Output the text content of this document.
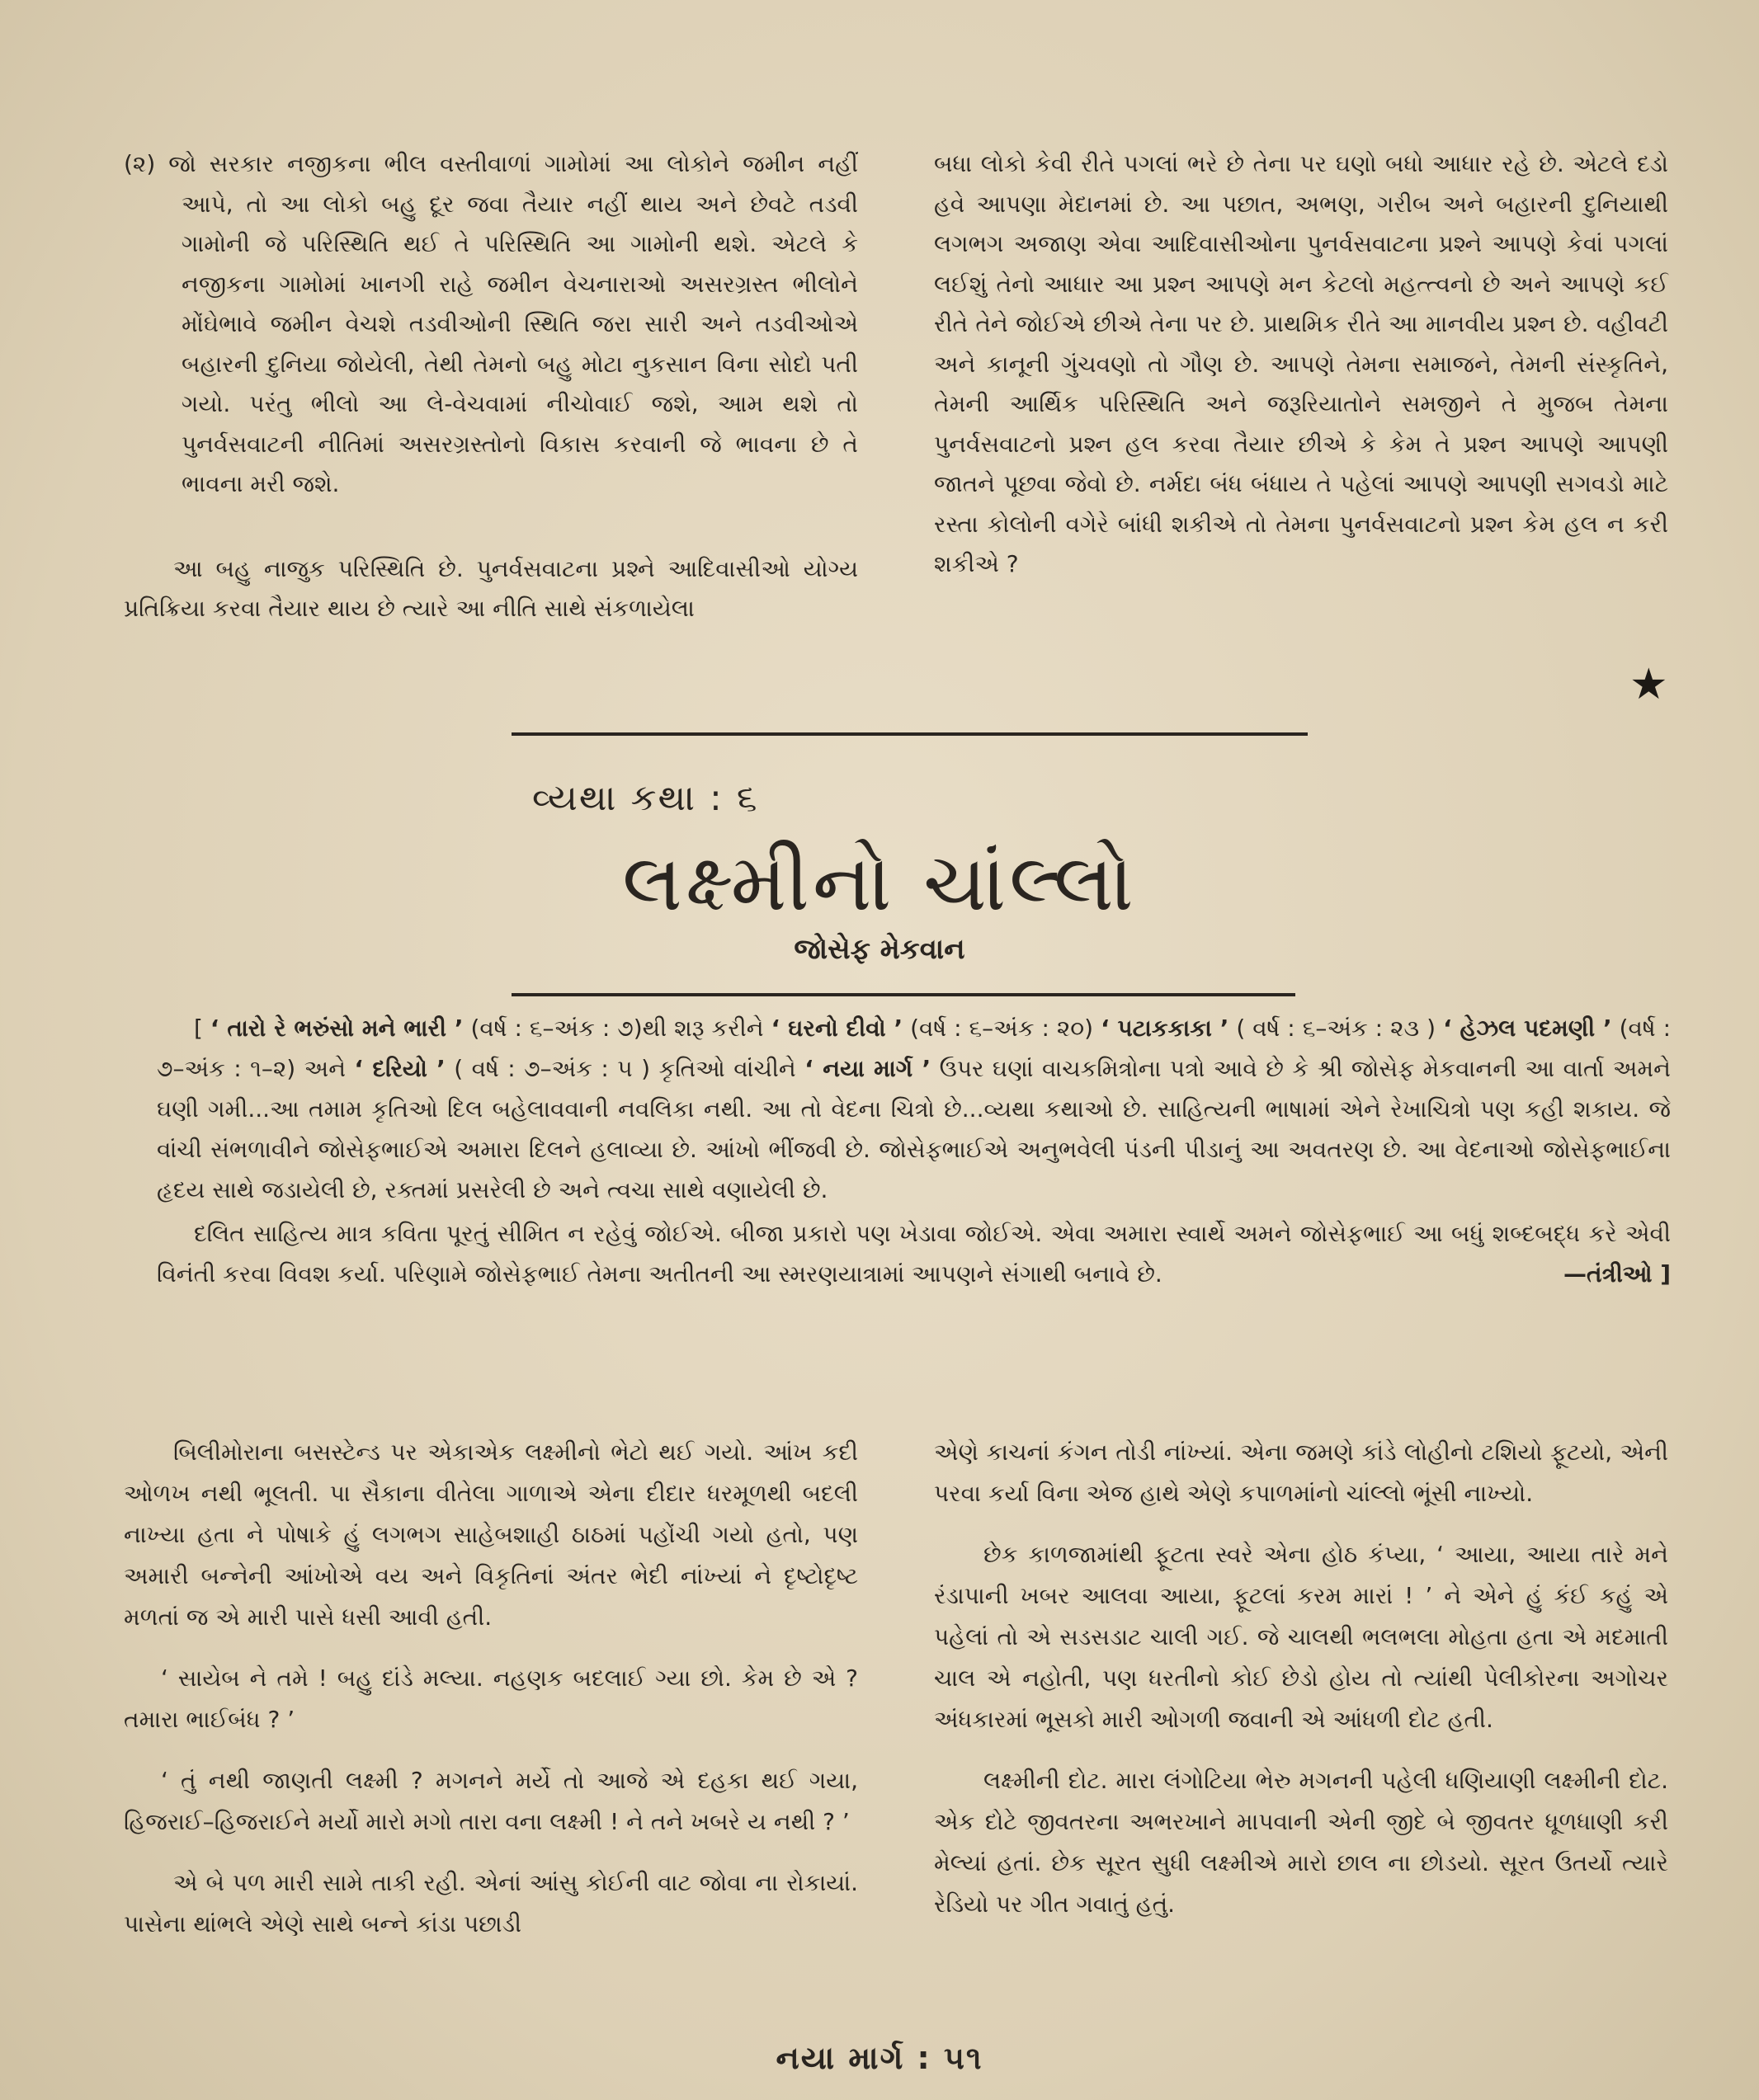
(૨) જો સરકાર નજીકના ભીલ વસ્તીવાળાં ગામોમાં આ લોકોને જમીન નહીં આપે, તો આ લોકો બહુ દૂર જવા તૈયાર નહીં થાય અને છેવટે તડવી ગામોની જે પરિસ્થિતિ થઈ તે પરિસ્થિતિ આ ગામોની થશે. એટલે કે નજીકના ગામોમાં ખાનગી રાહે જમીન વેચનારાઓ અસરગ્રસ્ત ભીલોને મોંઘેભાવે જમીન વેચશે તડવીઓની સ્થિતિ જરા સારી અને તડવીઓએ બહારની દુનિયા જોયેલી, તેથી તેમનો બહુ મોટા નુકસાન વિના સોદો પતી ગયો. પરંતુ ભીલો આ લે-વેચવામાં નીચોવાઈ જશે, આમ થશે તો પુનર્વસવાટની નીતિમાં અસરગ્રસ્તોનો વિકાસ કરવાની જે ભાવના છે તે ભાવના મરી જશે.

આ બહુ નાજુક પરિસ્થિતિ છે. પુનર્વસવાટના પ્રશ્ને આદિવાસીઓ યોગ્ય પ્રતિક્રિયા કરવા તૈયાર થાય છે ત્યારે આ નીતિ સાથે સંકળાયેલા

બધા લોકો કેવી રીતે પગલાં ભરે છે તેના પર ઘણો બધો આધાર રહે છે. એટલે દડો હવે આપણા મેદાનમાં છે. આ પછાત, અભણ, ગરીબ અને બહારની દુનિયાથી લગભગ અજાણ એવા આદિવાસીઓના પુનર્વસવાટના પ્રશ્ને આપણે કેવાં પગલાં લઈશું તેનો આધાર આ પ્રશ્ન આપણે મન કેટલો મહત્ત્વનો છે અને આપણે કઈ રીતે તેને જોઈએ છીએ તેના પર છે. પ્રાથમિક રીતે આ માનવીય પ્રશ્ન છે. વહીવટી અને કાનૂની ગુંચવણો તો ગૌણ છે. આપણે તેમના સમાજને, તેમની સંસ્કૃતિને, તેમની આર્થિક પરિસ્થિતિ અને જરૂરિયાતોને સમજીને તે મુજબ તેમના પુનર્વસવાટનો પ્રશ્ન હલ કરવા તૈયાર છીએ કે કેમ તે પ્રશ્ન આપણે આપણી જાતને પૂછવા જેવો છે. નર્મદા બંધ બંધાય તે પહેલાં આપણે આપણી સગવડો માટે રસ્તા કોલોની વગેરે બાંધી શકીએ તો તેમના પુનર્વસવાટનો પ્રશ્ન કેમ હલ ન કરી શકીએ ?

★
વ્યથા કથા : ૬
લક્ષ્મીનો ચાંલ્લો
જોસેફ મેકવાન

[ ‘ તારો રે ભરુંસો મને ભારી ’ (વર્ષ : ૬–અંક : ૭)થી શરૂ કરીને ‘ ઘરનો દીવો ’ (વર્ષ : ૬–અંક : ૨૦) ‘ પટાકકાકા ’ ( વર્ષ : ૬–અંક : ૨૩ ) ‘ હેઝલ પદમણી ’ (વર્ષ : ૭–અંક : ૧–૨) અને ‘ દરિયો ’ ( વર્ષ : ૭–અંક : ૫ ) કૃતિઓ વાંચીને ‘ નયા માર્ગ ’ ઉપર ઘણાં વાચકમિત્રોના પત્રો આવે છે કે શ્રી જોસેફ મેકવાનની આ વાર્તા અમને ઘણી ગમી...આ તમામ કૃતિઓ દિલ બહેલાવવાની નવલિકા નથી. આ તો વેદના ચિત્રો છે...વ્યથા કથાઓ છે. સાહિત્યની ભાષામાં એને રેખાચિત્રો પણ કહી શકાય. જે વાંચી સંભળાવીને જોસેફભાઈએ અમારા દિલને હલાવ્યા છે. આંખો ભીંજવી છે. જોસેફભાઈએ અનુભવેલી પંડની પીડાનું આ અવતરણ છે. આ વેદનાઓ જોસેફભાઈના હૃદય સાથે જડાયેલી છે, રક્તમાં પ્રસરેલી છે અને ત્વચા સાથે વણાયેલી છે.

દલિત સાહિત્ય માત્ર કવિતા પૂરતું સીમિત ન રહેવું જોઈએ. બીજા પ્રકારો પણ ખેડાવા જોઈએ. એવા અમારા સ્વાર્થે અમને જોસેફભાઈ આ બધું શબ્દબદ્ધ કરે એવી વિનંતી કરવા વિવશ કર્યા. પરિણામે જોસેફભાઈ તેમના અતીતની આ સ્મરણયાત્રામાં આપણને સંગાથી બનાવે છે.	—તંત્રીઓ ]

બિલીમોરાના બસસ્ટેન્ડ પર એકાએક લક્ષ્મીનો ભેટો થઈ ગયો. આંખ કદી ઓળખ નથી ભૂલતી. પા સૈકાના વીતેલા ગાળાએ એના દીદાર ધરમૂળથી બદલી નાખ્યા હતા ને પોષાકે હું લગભગ સાહેબશાહી ઠાઠમાં પહોંચી ગયો હતો, પણ અમારી બન્નેની આંખોએ વય અને વિકૃતિનાં અંતર ભેદી નાંખ્યાં ને દૃષ્ટોદૃષ્ટ મળતાં જ એ મારી પાસે ધસી આવી હતી.

‘ સાયેબ ને તમે ! બહુ દાંડે મલ્યા. નહણક બદલાઈ ગ્યા છો. કેમ છે એ ? તમારા ભાઈબંધ ? ’

‘ તું નથી જાણતી લક્ષ્મી ? મગનને મર્યે તો આજે એ દહકા થઈ ગયા, હિજરાઈ–હિજરાઈને મર્યો મારો મગો તારા વના લક્ષ્મી ! ને તને ખબરે ય નથી ? ’

એ બે પળ મારી સામે તાકી રહી. એનાં આંસુ કોઈની વાટ જોવા ના રોકાયાં. પાસેના થાંભલે એણે સાથે બન્ને કાંડા પછાડી

એણે કાચનાં કંગન તોડી નાંખ્યાં. એના જમણે કાંડે લોહીનો ટશિયો ફૂટયો, એની પરવા કર્યા વિના એજ હાથે એણે કપાળમાંનો ચાંલ્લો ભૂંસી નાખ્યો.

છેક કાળજામાંથી ફૂટતા સ્વરે એના હોઠ કંપ્યા, ‘ આયા, આયા તારે મને રંડાપાની ખબર આલવા આયા, ફૂટલાં કરમ મારાં ! ’ ને એને હું કંઈ કહું એ પહેલાં તો એ સડસડાટ ચાલી ગઈ. જે ચાલથી ભલભલા મોહતા હતા એ મદમાતી ચાલ એ નહોતી, પણ ધરતીનો કોઈ છેડો હોય તો ત્યાંથી પેલીકોરના અગોચર અંધકારમાં ભૂસકો મારી ઓગળી જવાની એ આંધળી દોટ હતી.

લક્ષ્મીની દોટ. મારા લંગોટિયા ભેરુ મગનની પહેલી ધણિયાણી લક્ષ્મીની દોટ. એક દોટે જીવતરના અભરખાને માપવાની એની જીદે બે જીવતર ધૂળધાણી કરી મેલ્યાં હતાં. છેક સૂરત સુધી લક્ષ્મીએ મારો છાલ ના છોડયો. સૂરત ઉતર્યો ત્યારે રેડિયો પર ગીત ગવાતું હતું.

નયા માર્ગ : ૫૧
